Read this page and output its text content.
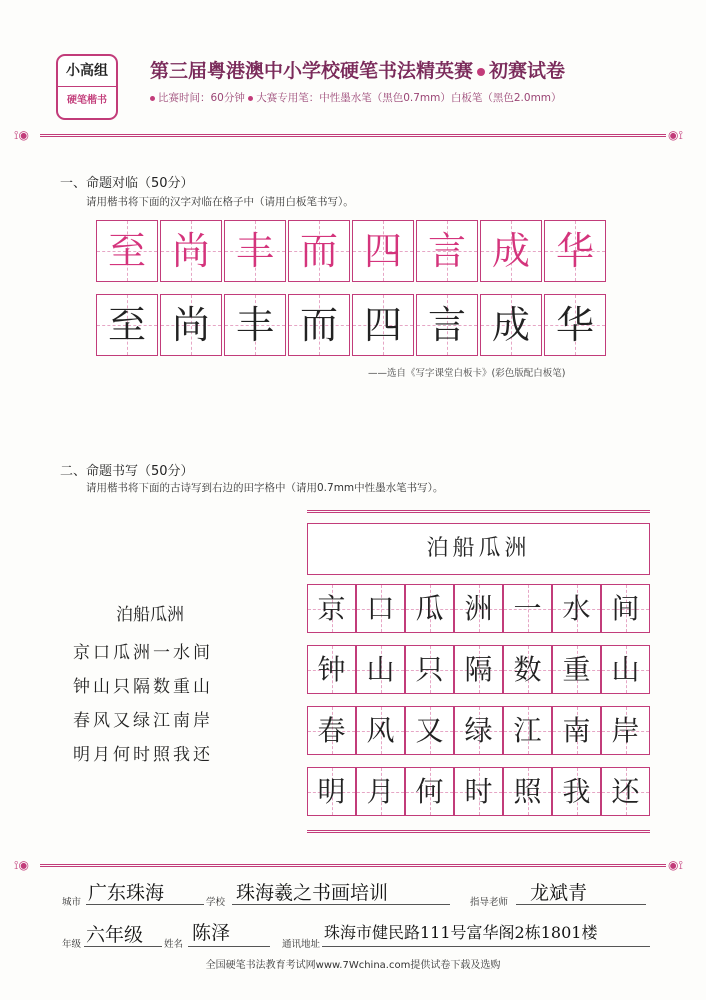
小高组
硬笔楷书
第三届粤港澳中小学校硬笔书法精英赛 初赛试卷
比赛时间：60分钟 大赛专用笔：中性墨水笔（黑色0.7mm）白板笔（黑色2.0mm）
⟟◉	◉⟟
一、命题对临（50分）
请用楷书将下面的汉字对临在格子中（请用白板笔书写）。
至 尚 丰 而 四 言 成 华
至 尚 丰 而 四 言 成 华
——选自《写字课堂白板卡》(彩色版配白板笔)
二、命题书写（50分）
请用楷书将下面的古诗写到右边的田字格中（请用0.7mm中性墨水笔书写）。
泊船瓜洲
京口瓜洲一水间
钟山只隔数重山
春风又绿江南岸
明月何时照我还
泊船瓜洲
京 口 瓜 洲 一 水 间
钟 山 只 隔 数 重 山
春 风 又 绿 江 南 岸
明 月 何 时 照 我 还
⟟◉	◉⟟
城市 广东珠海	学校 珠海羲之书画培训	指导老师 龙斌青
年级 六年级 姓名
陈泽
通讯地址
珠海市健民路111号富华阁2栋1801楼
全国硬笔书法教育考试网www.7Wchina.com提供试卷下载及选购
